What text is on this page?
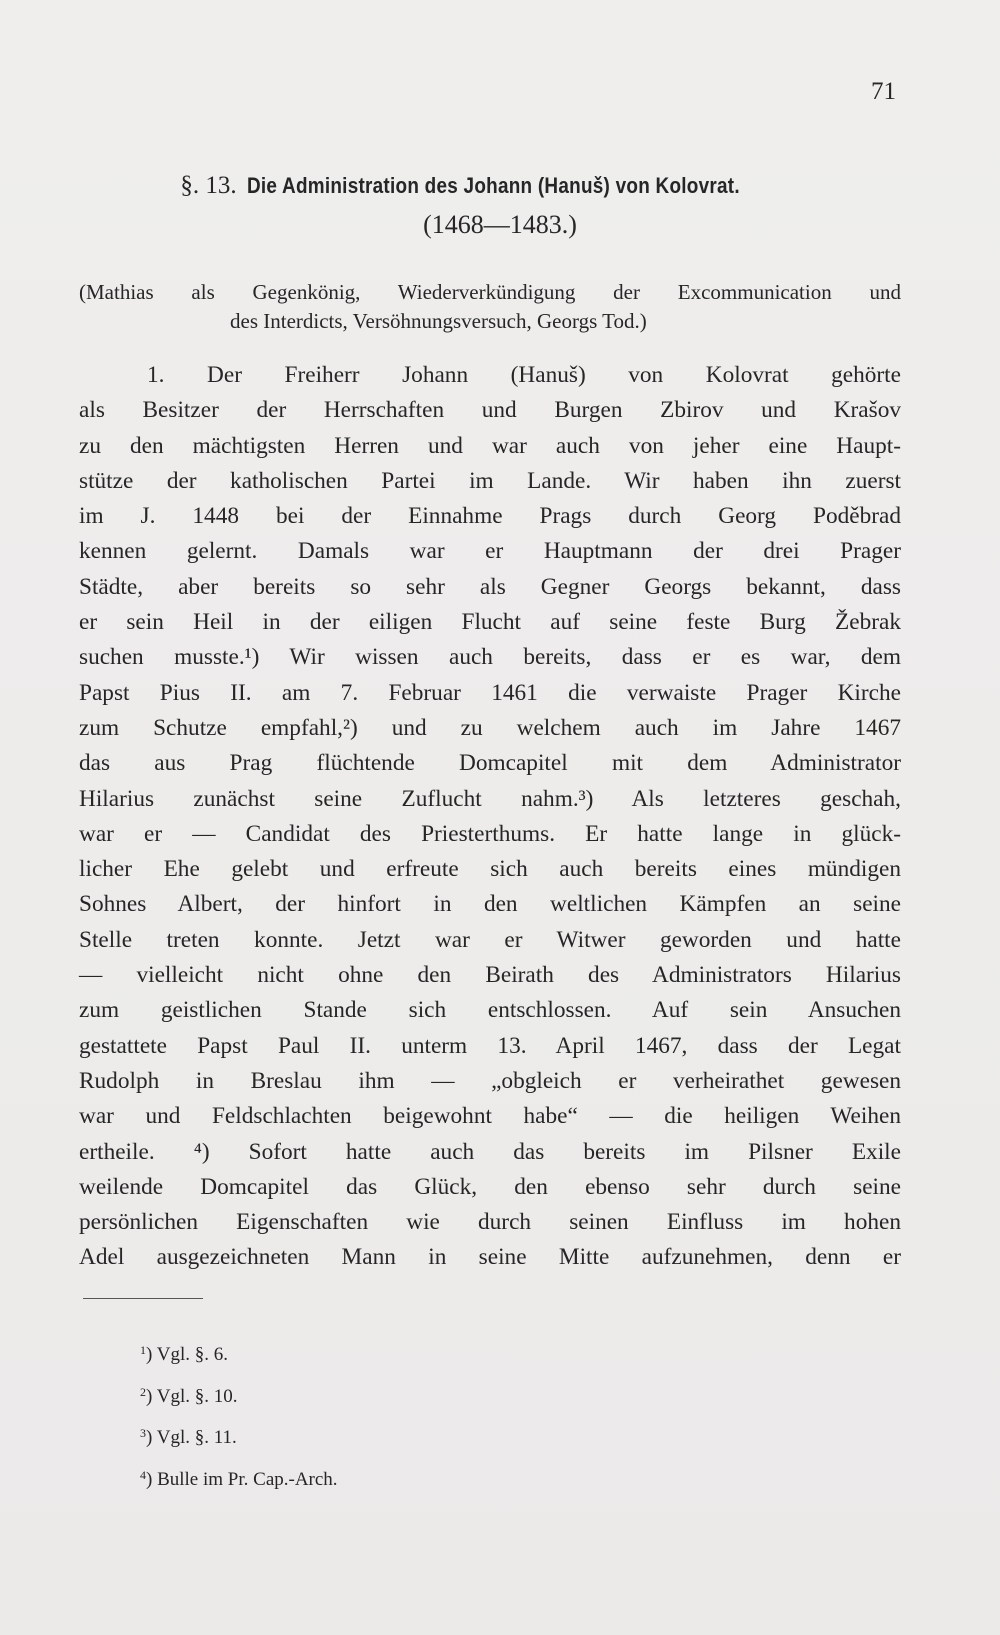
71
§. 13. Die Administration des Johann (Hanuš) von Kolovrat.
(1468—1483.)
(Mathias als Gegenkönig, Wiederverkündigung der Excommunication und
des Interdicts, Versöhnungsversuch, Georgs Tod.)
1. Der Freiherr Johann (Hanuš) von Kolovrat gehörte
als Besitzer der Herrschaften und Burgen Zbirov und Krašov
zu den mächtigsten Herren und war auch von jeher eine Haupt-
stütze der katholischen Partei im Lande. Wir haben ihn zuerst
im J. 1448 bei der Einnahme Prags durch Georg Poděbrad
kennen gelernt. Damals war er Hauptmann der drei Prager
Städte, aber bereits so sehr als Gegner Georgs bekannt, dass
er sein Heil in der eiligen Flucht auf seine feste Burg Žebrak
suchen musste.¹) Wir wissen auch bereits, dass er es war, dem
Papst Pius II. am 7. Februar 1461 die verwaiste Prager Kirche
zum Schutze empfahl,²) und zu welchem auch im Jahre 1467
das aus Prag flüchtende Domcapitel mit dem Administrator
Hilarius zunächst seine Zuflucht nahm.³) Als letzteres geschah,
war er — Candidat des Priesterthums. Er hatte lange in glück-
licher Ehe gelebt und erfreute sich auch bereits eines mündigen
Sohnes Albert, der hinfort in den weltlichen Kämpfen an seine
Stelle treten konnte. Jetzt war er Witwer geworden und hatte
— vielleicht nicht ohne den Beirath des Administrators Hilarius
zum geistlichen Stande sich entschlossen. Auf sein Ansuchen
gestattete Papst Paul II. unterm 13. April 1467, dass der Legat
Rudolph in Breslau ihm — „obgleich er verheirathet gewesen
war und Feldschlachten beigewohnt habe“ — die heiligen Weihen
ertheile. ⁴) Sofort hatte auch das bereits im Pilsner Exile
weilende Domcapitel das Glück, den ebenso sehr durch seine
persönlichen Eigenschaften wie durch seinen Einfluss im hohen
Adel ausgezeichneten Mann in seine Mitte aufzunehmen, denn er
$^1$) Vgl. §. 6.
$^2$) Vgl. §. 10.
$^3$) Vgl. §. 11.
$^4$) Bulle im Pr. Cap.-Arch.
